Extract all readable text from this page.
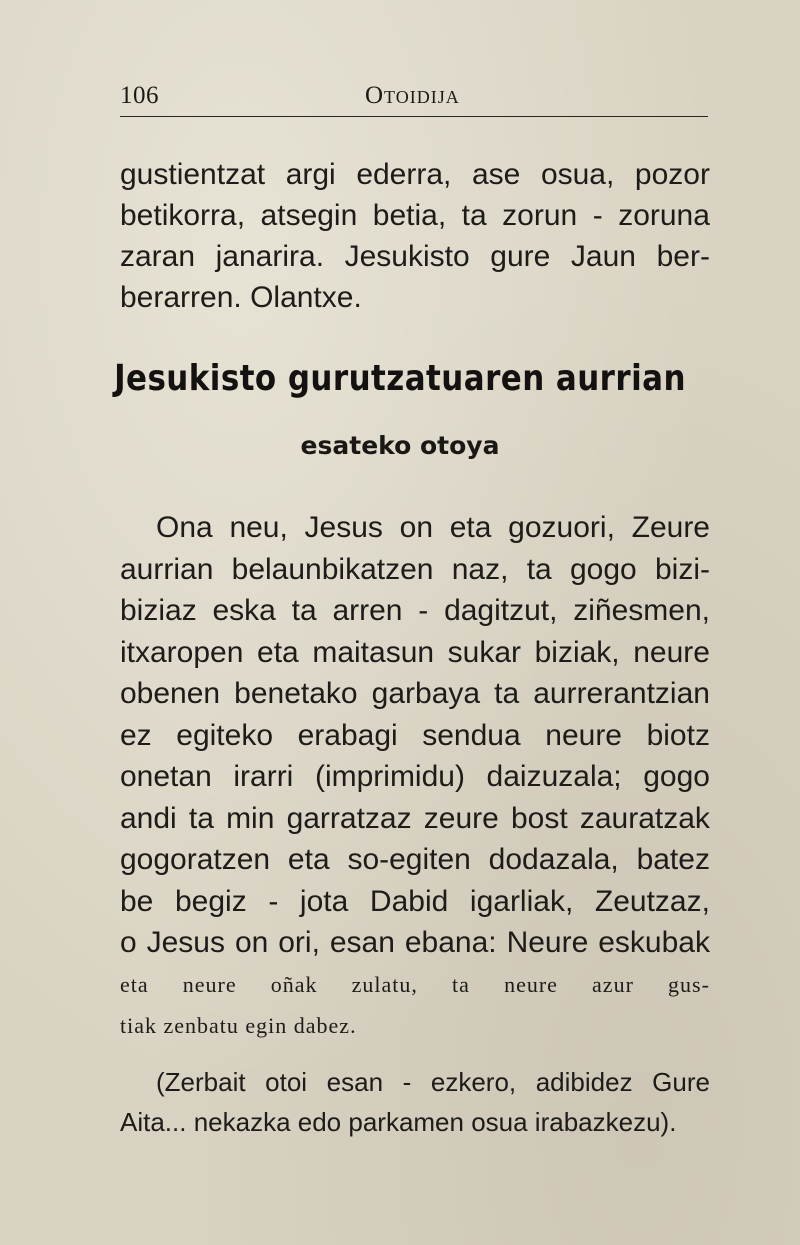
106	Otoidija
gustientzat argi ederra, ase osua, pozor
betikorra, atsegin betia, ta zorun - zoruna
zaran janarira. Jesukisto gure Jaun ber-
berarren. Olantxe.
Jesukisto gurutzatuaren aurrian
esateko otoya
Ona neu, Jesus on eta gozuori, Zeure
aurrian belaunbikatzen naz, ta gogo bizi-
biziaz eska ta arren - dagitzut, ziñesmen,
itxaropen eta maitasun sukar biziak, neure
obenen benetako garbaya ta aurrerantzian
ez egiteko erabagi sendua neure biotz
onetan irarri (imprimidu) daizuzala; gogo
andi ta min garratzaz zeure bost zauratzak
gogoratzen eta so-egiten dodazala, batez
be begiz - jota Dabid igarliak, Zeutzaz,
o Jesus on ori, esan ebana: Neure eskubak
eta neure oñak zulatu, ta neure azur gus-
tiak zenbatu egin dabez.
(Zerbait otoi esan - ezkero, adibidez Gure
Aita... nekazka edo parkamen osua irabazkezu).
